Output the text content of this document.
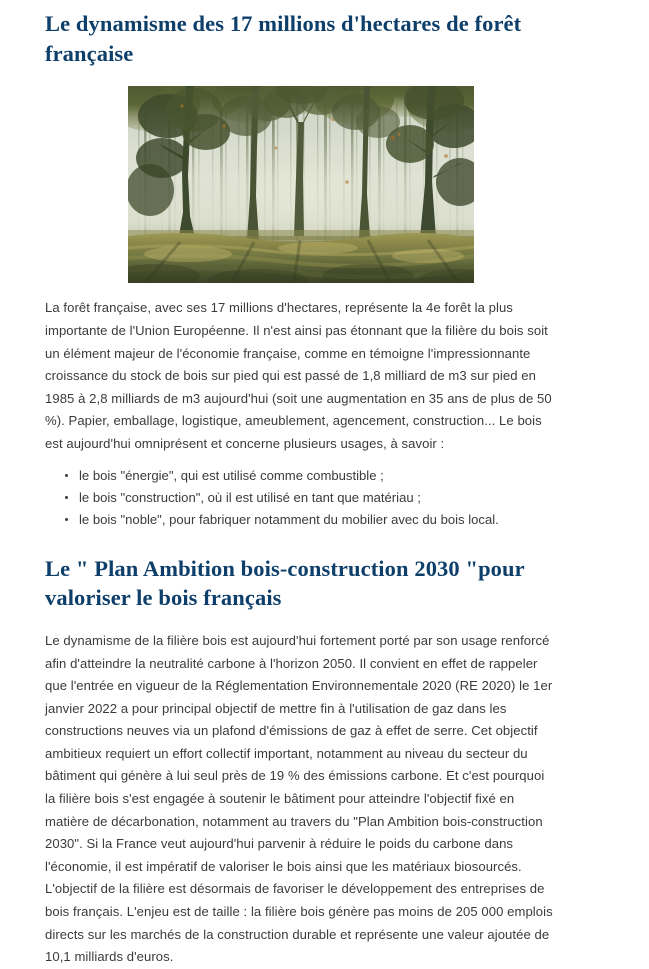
Le dynamisme des 17 millions d'hectares de forêt française

La forêt française, avec ses 17 millions d'hectares, représente la 4e forêt la plus importante de l'Union Européenne. Il n'est ainsi pas étonnant que la filière du bois soit un élément majeur de l'économie française, comme en témoigne l'impressionnante croissance du stock de bois sur pied qui est passé de 1,8 milliard de m3 sur pied en 1985 à 2,8 milliards de m3 aujourd'hui (soit une augmentation en 35 ans de plus de 50 %). Papier, emballage, logistique, ameublement, agencement, construction... Le bois est aujourd'hui omniprésent et concerne plusieurs usages, à savoir :

le bois "énergie", qui est utilisé comme combustible ;
le bois "construction", où il est utilisé en tant que matériau ;
le bois "noble", pour fabriquer notamment du mobilier avec du bois local.
Le " Plan Ambition bois-construction 2030 "pour valoriser le bois français

Le dynamisme de la filière bois est aujourd'hui fortement porté par son usage renforcé afin d'atteindre la neutralité carbone à l'horizon 2050. Il convient en effet de rappeler que l'entrée en vigueur de la Réglementation Environnementale 2020 (RE 2020) le 1er janvier 2022 a pour principal objectif de mettre fin à l'utilisation de gaz dans les constructions neuves via un plafond d'émissions de gaz à effet de serre. Cet objectif ambitieux requiert un effort collectif important, notamment au niveau du secteur du bâtiment qui génère à lui seul près de 19 % des émissions carbone. Et c'est pourquoi la filière bois s'est engagée à soutenir le bâtiment pour atteindre l'objectif fixé en matière de décarbonation, notamment au travers du "Plan Ambition bois-construction 2030". Si la France veut aujourd'hui parvenir à réduire le poids du carbone dans l'économie, il est impératif de valoriser le bois ainsi que les matériaux biosourcés. L'objectif de la filière est désormais de favoriser le développement des entreprises de bois français. L'enjeu est de taille : la filière bois génère pas moins de 205 000 emplois directs sur les marchés de la construction durable et représente une valeur ajoutée de 10,1 milliards d'euros.
